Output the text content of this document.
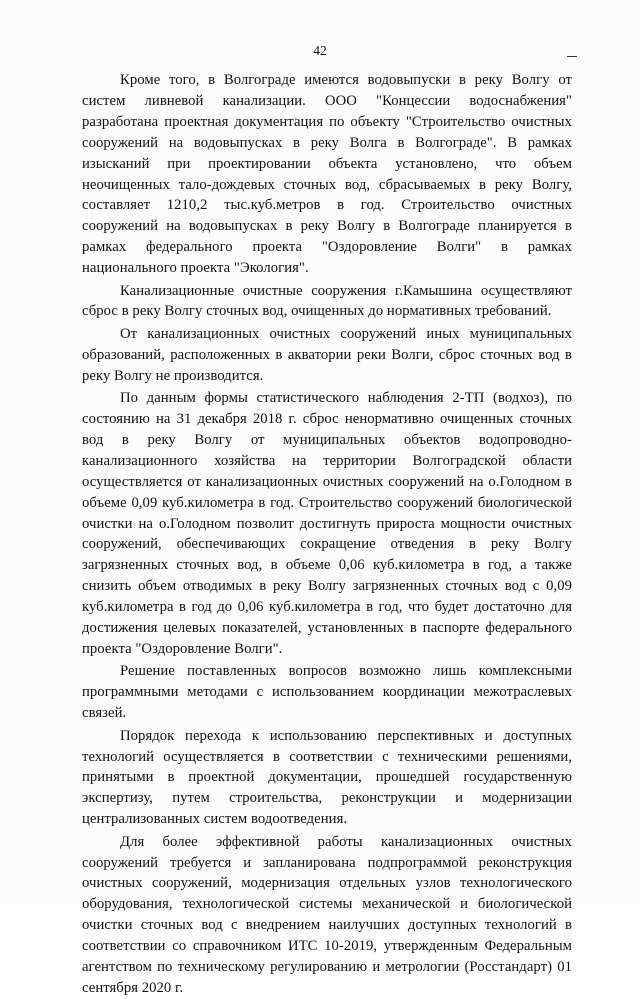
42

Кроме того, в Волгограде имеются водовыпуски в реку Волгу от систем ливневой канализации. ООО "Концессии водоснабжения" разработана проектная документация по объекту "Строительство очистных сооружений на водовыпусках в реку Волга в Волгограде". В рамках изысканий при проектировании объекта установлено, что объем неочищенных тало-дождевых сточных вод, сбрасываемых в реку Волгу, составляет 1210,2 тыс.куб.метров в год. Строительство очистных сооружений на водовыпусках в реку Волгу в Волгограде планируется в рамках федерального проекта "Оздоровление Волги" в рамках национального проекта "Экология".

Канализационные очистные сооружения г.Камышина осуществляют сброс в реку Волгу сточных вод, очищенных до нормативных требований.

От канализационных очистных сооружений иных муниципальных образований, расположенных в акватории реки Волги, сброс сточных вод в реку Волгу не производится.

По данным формы статистического наблюдения 2-ТП (водхоз), по состоянию на 31 декабря 2018 г. сброс ненормативно очищенных сточных вод в реку Волгу от муниципальных объектов водопроводно-канализационного хозяйства на территории Волгоградской области осуществляется от канализационных очистных сооружений на о.Голодном в объеме 0,09 куб.километра в год. Строительство сооружений биологической очистки на о.Голодном позволит достигнуть прироста мощности очистных сооружений, обеспечивающих сокращение отведения в реку Волгу загрязненных сточных вод, в объеме 0,06 куб.километра в год, а также снизить объем отводимых в реку Волгу загрязненных сточных вод с 0,09 куб.километра в год до 0,06 куб.километра в год, что будет достаточно для достижения целевых показателей, установленных в паспорте федерального проекта "Оздоровление Волги".

Решение поставленных вопросов возможно лишь комплексными программными методами с использованием координации межотраслевых связей.

Порядок перехода к использованию перспективных и доступных технологий осуществляется в соответствии с техническими решениями, принятыми в проектной документации, прошедшей государственную экспертизу, путем строительства, реконструкции и модернизации централизованных систем водоотведения.

Для более эффективной работы канализационных очистных сооружений требуется и запланирована подпрограммой реконструкция очистных сооружений, модернизация отдельных узлов технологического оборудования, технологической системы механической и биологической очистки сточных вод с внедрением наилучших доступных технологий в соответствии со справочником ИТС 10-2019, утвержденным Федеральным агентством по техническому регулированию и метрологии (Росстандарт) 01 сентября 2020 г.
